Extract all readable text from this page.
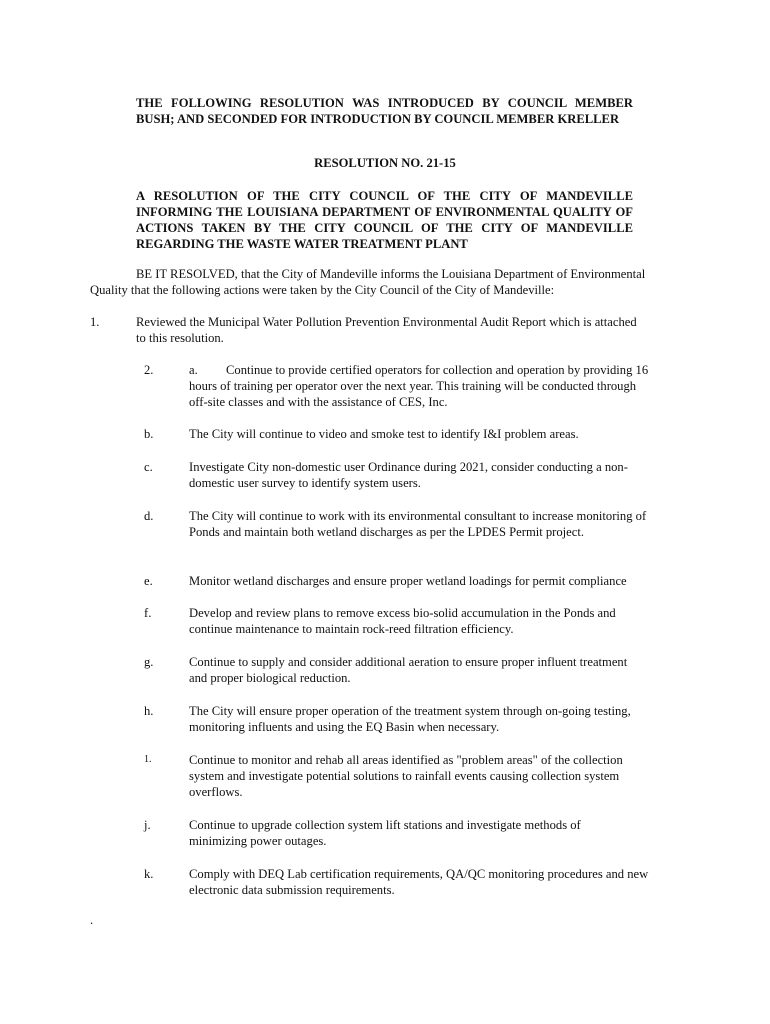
THE FOLLOWING RESOLUTION WAS INTRODUCED BY COUNCIL MEMBER BUSH; AND SECONDED FOR INTRODUCTION BY COUNCIL MEMBER KRELLER
RESOLUTION NO. 21-15
A RESOLUTION OF THE CITY COUNCIL OF THE CITY OF MANDEVILLE INFORMING THE LOUISIANA DEPARTMENT OF ENVIRONMENTAL QUALITY OF ACTIONS TAKEN BY THE CITY COUNCIL OF THE CITY OF MANDEVILLE REGARDING THE WASTE WATER TREATMENT PLANT
BE IT RESOLVED, that the City of Mandeville informs the Louisiana Department of Environmental
Quality that the following actions were taken by the City Council of the City of Mandeville:
1.	Reviewed the Municipal Water Pollution Prevention Environmental Audit Report which is attached to this resolution.
2.	a.	Continue to provide certified operators for collection and operation by providing 16 hours of training per operator over the next year. This training will be conducted through off-site classes and with the assistance of CES, Inc.
b.	The City will continue to video and smoke test to identify I&I problem areas.
c.	Investigate City non-domestic user Ordinance during 2021, consider conducting a non-domestic user survey to identify system users.
d.	The City will continue to work with its environmental consultant to increase monitoring of Ponds and maintain both wetland discharges as per the LPDES Permit project.
e.	Monitor wetland discharges and ensure proper wetland loadings for permit compliance
f.	Develop and review plans to remove excess bio-solid accumulation in the Ponds and continue maintenance to maintain rock-reed filtration efficiency.
g.	Continue to supply and consider additional aeration to ensure proper influent treatment and proper biological reduction.
h.	The City will ensure proper operation of the treatment system through on-going testing, monitoring influents and using the EQ Basin when necessary.
1.	Continue to monitor and rehab all areas identified as "problem areas" of the collection system and investigate potential solutions to rainfall events causing collection system overflows.
j.	Continue to upgrade collection system lift stations and investigate methods of minimizing power outages.
k.	Comply with DEQ Lab certification requirements, QA/QC monitoring procedures and new electronic data submission requirements.
.
